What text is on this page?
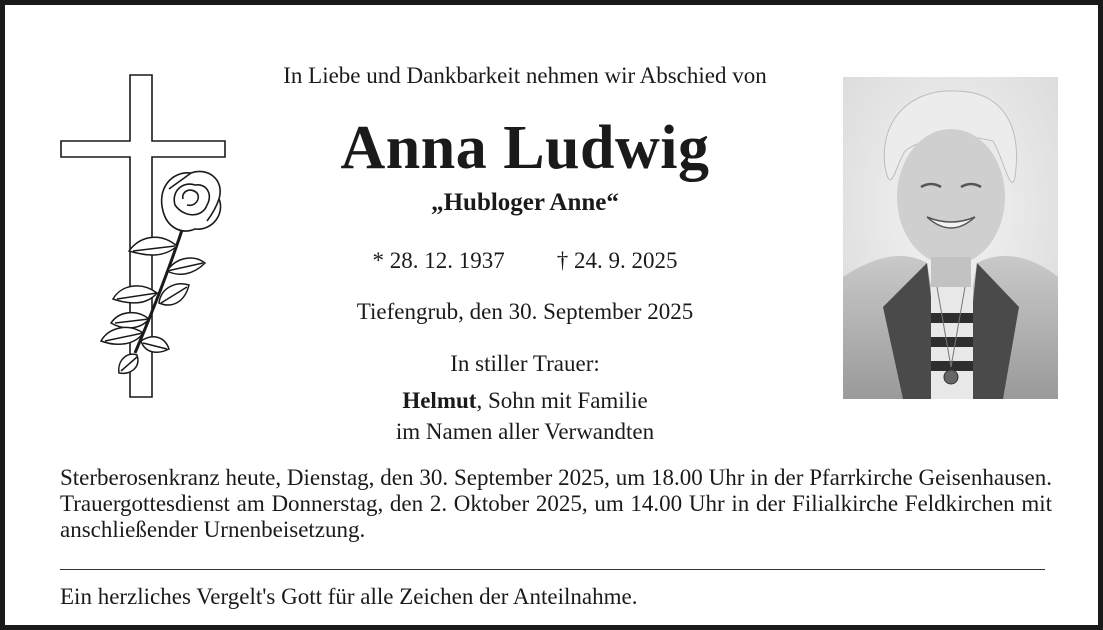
In Liebe und Dankbarkeit nehmen wir Abschied von
Anna Ludwig
„Hubloger Anne“
* 28. 12. 1937 † 24. 9. 2025
Tiefengrub, den 30. September 2025
In stiller Trauer:
Helmut, Sohn mit Familie
im Namen aller Verwandten
Sterberosenkranz heute, Dienstag, den 30. September 2025, um 18.00 Uhr in der Pfarrkirche Geisenhausen. Trauergottesdienst am Donnerstag, den 2. Oktober 2025, um 14.00 Uhr in der Filialkirche Feldkirchen mit anschließender Urnenbeisetzung.
Ein herzliches Vergelt's Gott für alle Zeichen der Anteilnahme.
